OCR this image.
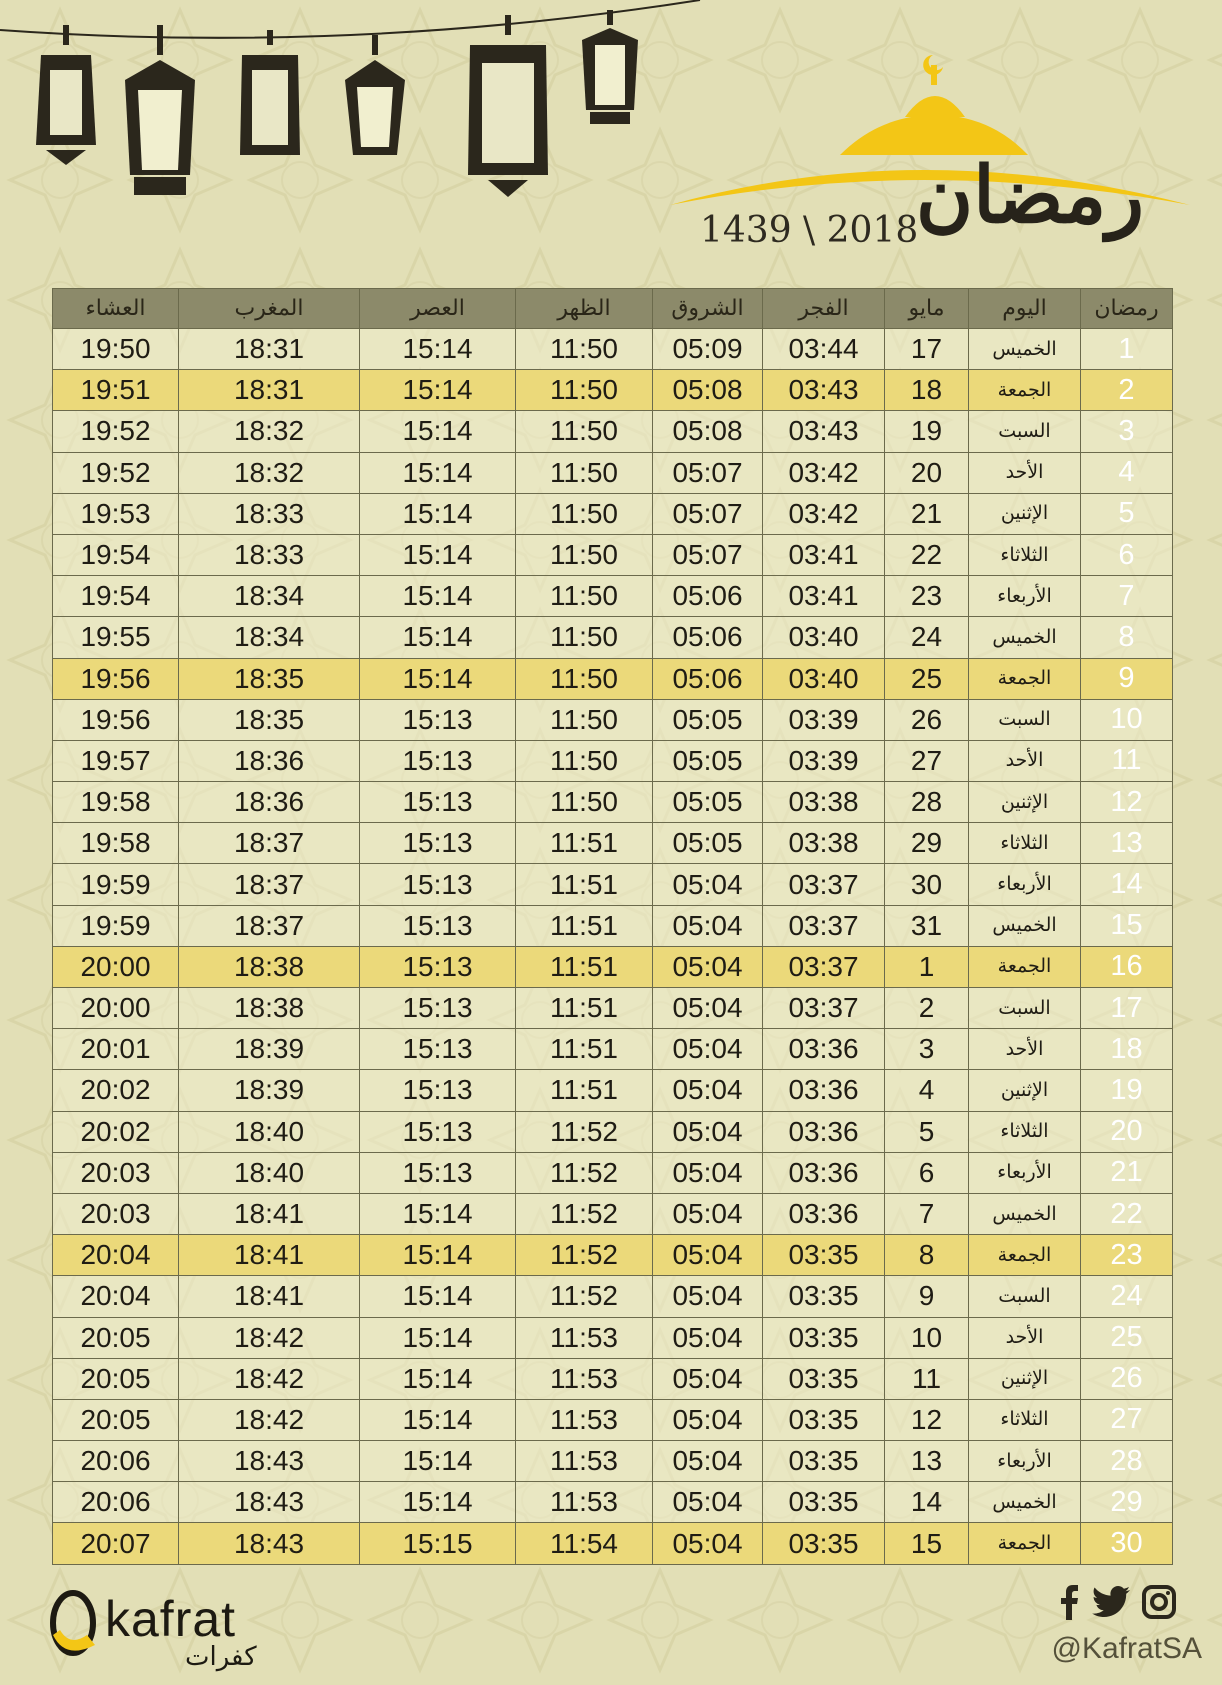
رمضان
1439 \ 2018
رمضان	اليوم	مايو	الفجر	الشروق	الظهر	العصر	المغرب	العشاء
1	الخميس	17	03:44	05:09	11:50	15:14	18:31	19:50
2	الجمعة	18	03:43	05:08	11:50	15:14	18:31	19:51
3	السبت	19	03:43	05:08	11:50	15:14	18:32	19:52
4	الأحد	20	03:42	05:07	11:50	15:14	18:32	19:52
5	الإثنين	21	03:42	05:07	11:50	15:14	18:33	19:53
6	الثلاثاء	22	03:41	05:07	11:50	15:14	18:33	19:54
7	الأربعاء	23	03:41	05:06	11:50	15:14	18:34	19:54
8	الخميس	24	03:40	05:06	11:50	15:14	18:34	19:55
9	الجمعة	25	03:40	05:06	11:50	15:14	18:35	19:56
10	السبت	26	03:39	05:05	11:50	15:13	18:35	19:56
11	الأحد	27	03:39	05:05	11:50	15:13	18:36	19:57
12	الإثنين	28	03:38	05:05	11:50	15:13	18:36	19:58
13	الثلاثاء	29	03:38	05:05	11:51	15:13	18:37	19:58
14	الأربعاء	30	03:37	05:04	11:51	15:13	18:37	19:59
15	الخميس	31	03:37	05:04	11:51	15:13	18:37	19:59
16	الجمعة	1	03:37	05:04	11:51	15:13	18:38	20:00
17	السبت	2	03:37	05:04	11:51	15:13	18:38	20:00
18	الأحد	3	03:36	05:04	11:51	15:13	18:39	20:01
19	الإثنين	4	03:36	05:04	11:51	15:13	18:39	20:02
20	الثلاثاء	5	03:36	05:04	11:52	15:13	18:40	20:02
21	الأربعاء	6	03:36	05:04	11:52	15:13	18:40	20:03
22	الخميس	7	03:36	05:04	11:52	15:14	18:41	20:03
23	الجمعة	8	03:35	05:04	11:52	15:14	18:41	20:04
24	السبت	9	03:35	05:04	11:52	15:14	18:41	20:04
25	الأحد	10	03:35	05:04	11:53	15:14	18:42	20:05
26	الإثنين	11	03:35	05:04	11:53	15:14	18:42	20:05
27	الثلاثاء	12	03:35	05:04	11:53	15:14	18:42	20:05
28	الأربعاء	13	03:35	05:04	11:53	15:14	18:43	20:06
29	الخميس	14	03:35	05:04	11:53	15:14	18:43	20:06
30	الجمعة	15	03:35	05:04	11:54	15:15	18:43	20:07
kafrat
كفرات	@KafratSA
